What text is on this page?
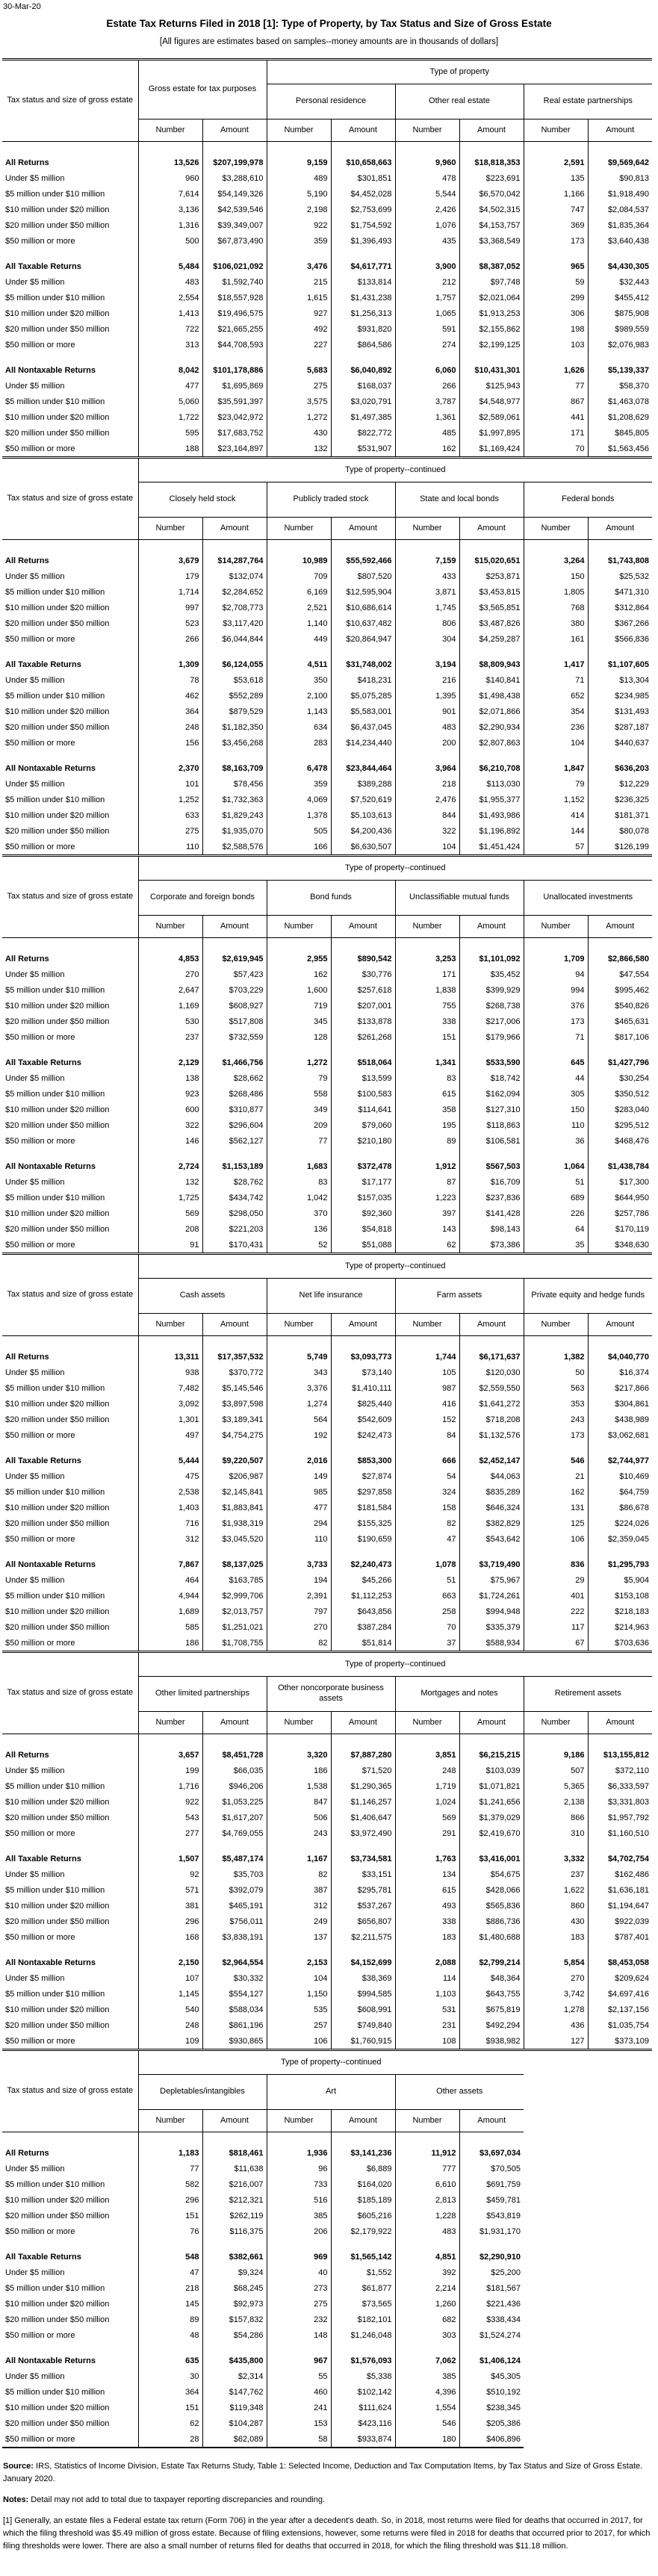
30-Mar-20
Estate Tax Returns Filed in 2018 [1]: Type of Property, by Tax Status and Size of Gross Estate
[All figures are estimates based on samples--money amounts are in thousands of dollars]
Tax status and size of gross estate	Gross estate for tax purposes		Type of property					
			Personal residence		Other real estate		Real estate partnerships	
	Number	Amount	Number	Amount	Number	Amount	Number	Amount

All Returns	13,526	$207,199,978	9,159	$10,658,663	9,960	$18,818,353	2,591	$9,569,642
Under $5 million	960	$3,288,610	489	$301,851	478	$223,691	135	$90,813
$5 million under $10 million	7,614	$54,149,326	5,190	$4,452,028	5,544	$6,570,042	1,166	$1,918,490
$10 million under $20 million	3,136	$42,539,546	2,198	$2,753,699	2,426	$4,502,315	747	$2,084,537
$20 million under $50 million	1,316	$39,349,007	922	$1,754,592	1,076	$4,153,757	369	$1,835,364
$50 million or more	500	$67,873,490	359	$1,396,493	435	$3,368,549	173	$3,640,438

All Taxable Returns	5,484	$106,021,092	3,476	$4,617,771	3,900	$8,387,052	965	$4,430,305
Under $5 million	483	$1,592,740	215	$133,814	212	$97,748	59	$32,443
$5 million under $10 million	2,554	$18,557,928	1,615	$1,431,238	1,757	$2,021,064	299	$455,412
$10 million under $20 million	1,413	$19,496,575	927	$1,256,313	1,065	$1,913,253	306	$875,908
$20 million under $50 million	722	$21,665,255	492	$931,820	591	$2,155,862	198	$989,559
$50 million or more	313	$44,708,593	227	$864,586	274	$2,199,125	103	$2,076,983

All Nontaxable Returns	8,042	$101,178,886	5,683	$6,040,892	6,060	$10,431,301	1,626	$5,139,337
Under $5 million	477	$1,695,869	275	$168,037	266	$125,943	77	$58,370
$5 million under $10 million	5,060	$35,591,397	3,575	$3,020,791	3,787	$4,548,977	867	$1,463,078
$10 million under $20 million	1,722	$23,042,972	1,272	$1,497,385	1,361	$2,589,061	441	$1,208,629
$20 million under $50 million	595	$17,683,752	430	$822,772	485	$1,997,895	171	$845,805
$50 million or more	188	$23,164,897	132	$531,907	162	$1,169,424	70	$1,563,456
Tax status and size of gross estate	Type of property--continued							
	Closely held stock		Publicly traded stock		State and local bonds		Federal bonds	
	Number	Amount	Number	Amount	Number	Amount	Number	Amount

All Returns	3,679	$14,287,764	10,989	$55,592,466	7,159	$15,020,651	3,264	$1,743,808
Under $5 million	179	$132,074	709	$807,520	433	$253,871	150	$25,532
$5 million under $10 million	1,714	$2,284,652	6,169	$12,595,904	3,871	$3,453,815	1,805	$471,310
$10 million under $20 million	997	$2,708,773	2,521	$10,686,614	1,745	$3,565,851	768	$312,864
$20 million under $50 million	523	$3,117,420	1,140	$10,637,482	806	$3,487,826	380	$367,266
$50 million or more	266	$6,044,844	449	$20,864,947	304	$4,259,287	161	$566,836

All Taxable Returns	1,309	$6,124,055	4,511	$31,748,002	3,194	$8,809,943	1,417	$1,107,605
Under $5 million	78	$53,618	350	$418,231	216	$140,841	71	$13,304
$5 million under $10 million	462	$552,289	2,100	$5,075,285	1,395	$1,498,438	652	$234,985
$10 million under $20 million	364	$879,529	1,143	$5,583,001	901	$2,071,866	354	$131,493
$20 million under $50 million	248	$1,182,350	634	$6,437,045	483	$2,290,934	236	$287,187
$50 million or more	156	$3,456,268	283	$14,234,440	200	$2,807,863	104	$440,637

All Nontaxable Returns	2,370	$8,163,709	6,478	$23,844,464	3,964	$6,210,708	1,847	$636,203
Under $5 million	101	$78,456	359	$389,288	218	$113,030	79	$12,229
$5 million under $10 million	1,252	$1,732,363	4,069	$7,520,619	2,476	$1,955,377	1,152	$236,325
$10 million under $20 million	633	$1,829,243	1,378	$5,103,613	844	$1,493,986	414	$181,371
$20 million under $50 million	275	$1,935,070	505	$4,200,436	322	$1,196,892	144	$80,078
$50 million or more	110	$2,588,576	166	$6,630,507	104	$1,451,424	57	$126,199
Tax status and size of gross estate	Type of property--continued							
	Corporate and foreign bonds		Bond funds		Unclassifiable mutual funds		Unallocated investments	
	Number	Amount	Number	Amount	Number	Amount	Number	Amount

All Returns	4,853	$2,619,945	2,955	$890,542	3,253	$1,101,092	1,709	$2,866,580
Under $5 million	270	$57,423	162	$30,776	171	$35,452	94	$47,554
$5 million under $10 million	2,647	$703,229	1,600	$257,618	1,838	$399,929	994	$995,462
$10 million under $20 million	1,169	$608,927	719	$207,001	755	$268,738	376	$540,826
$20 million under $50 million	530	$517,808	345	$133,878	338	$217,006	173	$465,631
$50 million or more	237	$732,559	128	$261,268	151	$179,966	71	$817,106

All Taxable Returns	2,129	$1,466,756	1,272	$518,064	1,341	$533,590	645	$1,427,796
Under $5 million	138	$28,662	79	$13,599	83	$18,742	44	$30,254
$5 million under $10 million	923	$268,486	558	$100,583	615	$162,094	305	$350,512
$10 million under $20 million	600	$310,877	349	$114,641	358	$127,310	150	$283,040
$20 million under $50 million	322	$296,604	209	$79,060	195	$118,863	110	$295,512
$50 million or more	146	$562,127	77	$210,180	89	$106,581	36	$468,476

All Nontaxable Returns	2,724	$1,153,189	1,683	$372,478	1,912	$567,503	1,064	$1,438,784
Under $5 million	132	$28,762	83	$17,177	87	$16,709	51	$17,300
$5 million under $10 million	1,725	$434,742	1,042	$157,035	1,223	$237,836	689	$644,950
$10 million under $20 million	569	$298,050	370	$92,360	397	$141,428	226	$257,786
$20 million under $50 million	208	$221,203	136	$54,818	143	$98,143	64	$170,119
$50 million or more	91	$170,431	52	$51,088	62	$73,386	35	$348,630
Tax status and size of gross estate	Type of property--continued							
	Cash assets		Net life insurance		Farm assets		Private equity and hedge funds	
	Number	Amount	Number	Amount	Number	Amount	Number	Amount

All Returns	13,311	$17,357,532	5,749	$3,093,773	1,744	$6,171,637	1,382	$4,040,770
Under $5 million	938	$370,772	343	$73,140	105	$120,030	50	$16,374
$5 million under $10 million	7,482	$5,145,546	3,376	$1,410,111	987	$2,559,550	563	$217,866
$10 million under $20 million	3,092	$3,897,598	1,274	$825,440	416	$1,641,272	353	$304,861
$20 million under $50 million	1,301	$3,189,341	564	$542,609	152	$718,208	243	$438,989
$50 million or more	497	$4,754,275	192	$242,473	84	$1,132,576	173	$3,062,681

All Taxable Returns	5,444	$9,220,507	2,016	$853,300	666	$2,452,147	546	$2,744,977
Under $5 million	475	$206,987	149	$27,874	54	$44,063	21	$10,469
$5 million under $10 million	2,538	$2,145,841	985	$297,858	324	$835,289	162	$64,759
$10 million under $20 million	1,403	$1,883,841	477	$181,584	158	$646,324	131	$86,678
$20 million under $50 million	716	$1,938,319	294	$155,325	82	$382,829	125	$224,026
$50 million or more	312	$3,045,520	110	$190,659	47	$543,642	106	$2,359,045

All Nontaxable Returns	7,867	$8,137,025	3,733	$2,240,473	1,078	$3,719,490	836	$1,295,793
Under $5 million	464	$163,785	194	$45,266	51	$75,967	29	$5,904
$5 million under $10 million	4,944	$2,999,706	2,391	$1,112,253	663	$1,724,261	401	$153,108
$10 million under $20 million	1,689	$2,013,757	797	$643,856	258	$994,948	222	$218,183
$20 million under $50 million	585	$1,251,021	270	$387,284	70	$335,379	117	$214,963
$50 million or more	186	$1,708,755	82	$51,814	37	$588,934	67	$703,636
Tax status and size of gross estate	Type of property--continued							
	Other limited partnerships		Other noncorporate business assets		Mortgages and notes		Retirement assets	
	Number	Amount	Number	Amount	Number	Amount	Number	Amount

All Returns	3,657	$8,451,728	3,320	$7,887,280	3,851	$6,215,215	9,186	$13,155,812
Under $5 million	199	$66,035	186	$71,520	248	$103,039	507	$372,110
$5 million under $10 million	1,716	$946,206	1,538	$1,290,365	1,719	$1,071,821	5,365	$6,333,597
$10 million under $20 million	922	$1,053,225	847	$1,146,257	1,024	$1,241,656	2,138	$3,331,803
$20 million under $50 million	543	$1,617,207	506	$1,406,647	569	$1,379,029	866	$1,957,792
$50 million or more	277	$4,769,055	243	$3,972,490	291	$2,419,670	310	$1,160,510

All Taxable Returns	1,507	$5,487,174	1,167	$3,734,581	1,763	$3,416,001	3,332	$4,702,754
Under $5 million	92	$35,703	82	$33,151	134	$54,675	237	$162,486
$5 million under $10 million	571	$392,079	387	$295,781	615	$428,066	1,622	$1,636,181
$10 million under $20 million	381	$465,191	312	$537,267	493	$565,836	860	$1,194,647
$20 million under $50 million	296	$756,011	249	$656,807	338	$886,736	430	$922,039
$50 million or more	168	$3,838,191	137	$2,211,575	183	$1,480,688	183	$787,401

All Nontaxable Returns	2,150	$2,964,554	2,153	$4,152,699	2,088	$2,799,214	5,854	$8,453,058
Under $5 million	107	$30,332	104	$38,369	114	$48,364	270	$209,624
$5 million under $10 million	1,145	$554,127	1,150	$994,585	1,103	$643,755	3,742	$4,697,416
$10 million under $20 million	540	$588,034	535	$608,991	531	$675,819	1,278	$2,137,156
$20 million under $50 million	248	$861,196	257	$749,840	231	$492,294	436	$1,035,754
$50 million or more	109	$930,865	106	$1,760,915	108	$938,982	127	$373,109
Tax status and size of gross estate	Type of property--continued					
	Depletables/intangibles		Art		Other assets	
	Number	Amount	Number	Amount	Number	Amount

All Returns	1,183	$818,461	1,936	$3,141,236	11,912	$3,697,034
Under $5 million	77	$11,638	96	$6,889	777	$70,505
$5 million under $10 million	582	$216,007	733	$164,020	6,610	$691,759
$10 million under $20 million	296	$212,321	516	$185,189	2,813	$459,781
$20 million under $50 million	151	$262,119	385	$605,216	1,228	$543,819
$50 million or more	76	$116,375	206	$2,179,922	483	$1,931,170

All Taxable Returns	548	$382,661	969	$1,565,142	4,851	$2,290,910
Under $5 million	47	$9,324	40	$1,552	392	$25,200
$5 million under $10 million	218	$68,245	273	$61,877	2,214	$181,567
$10 million under $20 million	145	$92,973	275	$73,565	1,260	$221,436
$20 million under $50 million	89	$157,832	232	$182,101	682	$338,434
$50 million or more	48	$54,286	148	$1,246,048	303	$1,524,274

All Nontaxable Returns	635	$435,800	967	$1,576,093	7,062	$1,406,124
Under $5 million	30	$2,314	55	$5,338	385	$45,305
$5 million under $10 million	364	$147,762	460	$102,142	4,396	$510,192
$10 million under $20 million	151	$119,348	241	$111,624	1,554	$238,345
$20 million under $50 million	62	$104,287	153	$423,116	546	$205,386
$50 million or more	28	$62,089	58	$933,874	180	$406,896

Source: IRS, Statistics of Income Division, Estate Tax Returns Study, Table 1: Selected Income, Deduction and Tax Computation Items, by Tax Status and Size of Gross Estate. January 2020.

Notes: Detail may not add to total due to taxpayer reporting discrepancies and rounding.

[1] Generally, an estate files a Federal estate tax return (Form 706) in the year after a decedent's death. So, in 2018, most returns were filed for deaths that occurred in 2017, for which the filing threshold was $5.49 million of gross estate. Because of filing extensions, however, some returns were filed in 2018 for deaths that occurred prior to 2017, for which filing thresholds were lower. There are also a small number of returns filed for deaths that occurred in 2018, for which the filing threshold was $11.18 million.
